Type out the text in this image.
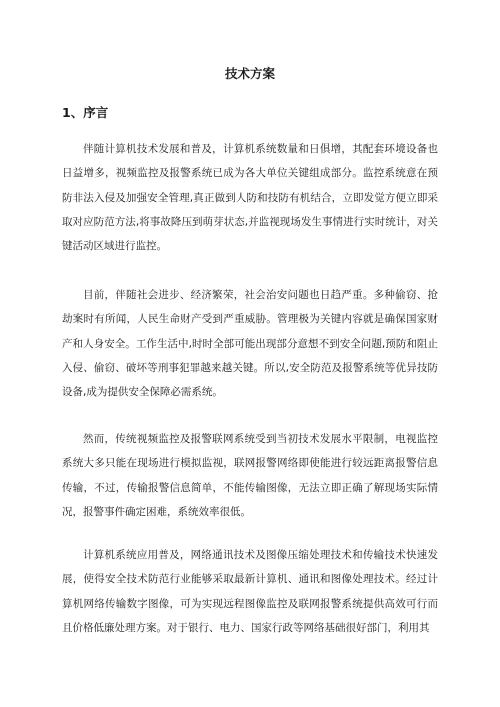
技术方案
1、序言

伴随计算机技术发展和普及，计算机系统数量和日俱增，其配套环境设备也日益增多，视频监控及报警系统已成为各大单位关键组成部分。监控系统意在预防非法入侵及加强安全管理,真正做到人防和技防有机结合，立即发觉方便立即采取对应防范方法,将事故降压到萌芽状态,并监视现场发生事情进行实时统计，对关键活动区域进行监控。

目前，伴随社会进步、经济繁荣，社会治安问题也日趋严重。多种偷窃、抢劫案时有所闻，人民生命财产受到严重威胁。管理极为关键内容就是确保国家财产和人身安全。工作生活中,时时全部可能出现部分意想不到安全问题,预防和阻止入侵、偷窃、破坏等刑事犯罪越来越关键。所以,安全防范及报警系统等优异技防设备,成为提供安全保障必需系统。

然而，传统视频监控及报警联网系统受到当初技术发展水平限制，电视监控系统大多只能在现场进行模拟监视，联网报警网络即使能进行较远距离报警信息传输，不过，传输报警信息简单，不能传输图像，无法立即正确了解现场实际情况，报警事件确定困难，系统效率很低。

计算机系统应用普及，网络通讯技术及图像压缩处理技术和传输技术快速发展，使得安全技术防范行业能够采取最新计算机、通讯和图像处理技术。经过计算机网络传输数字图像，可为实现远程图像监控及联网报警系统提供高效可行而且价格低廉处理方案。对于银行、电力、国家行政等网络基础很好部门，利用其
